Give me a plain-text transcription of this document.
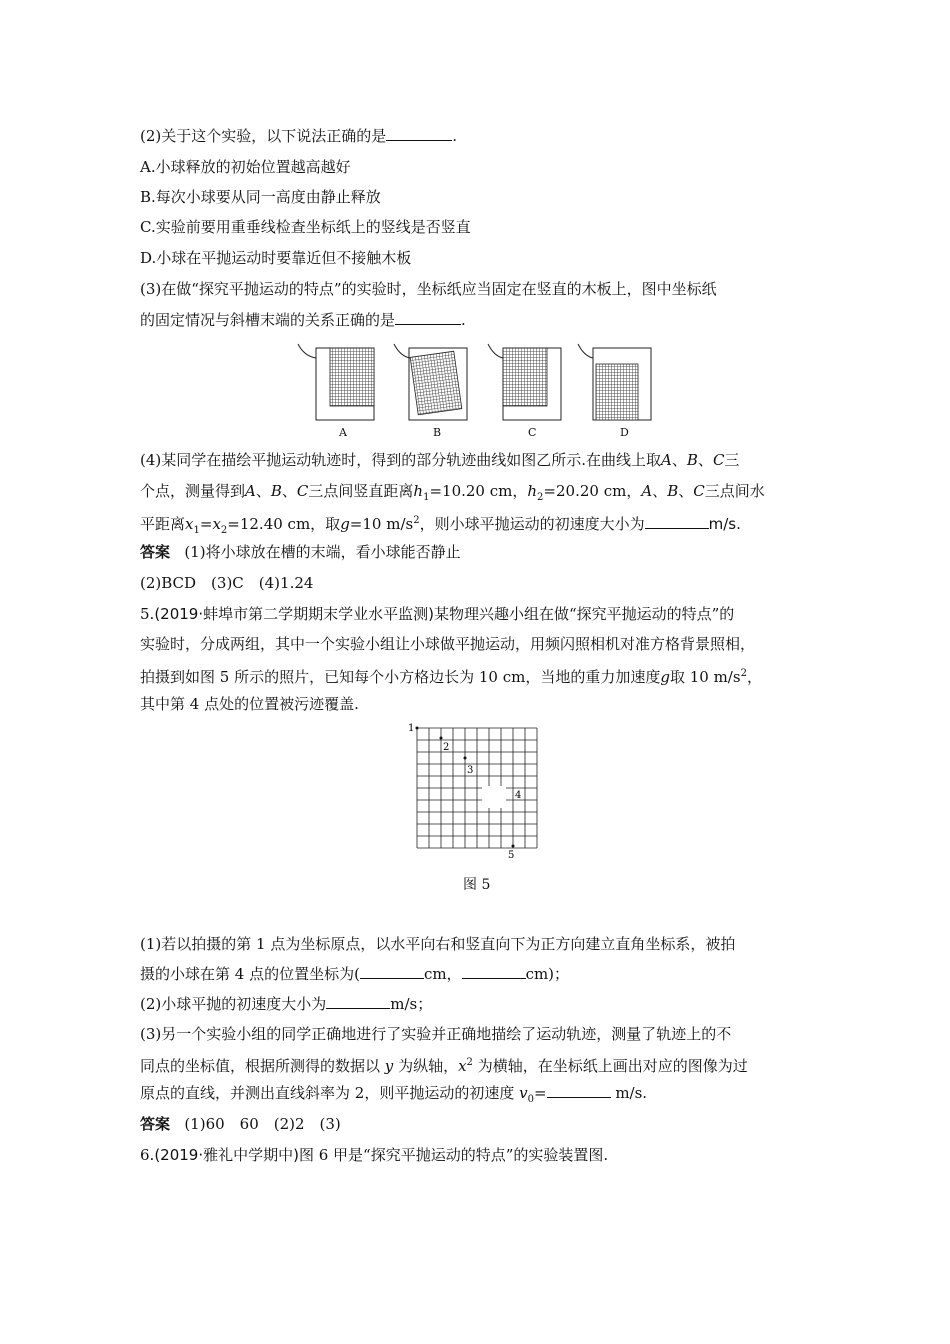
(2)关于这个实验，以下说法正确的是	.
A.小球释放的初始位置越高越好
B.每次小球要从同一高度由静止释放
C.实验前要用重垂线检查坐标纸上的竖线是否竖直
D.小球在平抛运动时要靠近但不接触木板
(3)在做“探究平抛运动的特点”的实验时，坐标纸应当固定在竖直的木板上，图中坐标纸
的固定情况与斜槽末端的关系正确的是	.
A	B	C	D
(4)某同学在描绘平抛运动轨迹时，得到的部分轨迹曲线如图乙所示.在曲线上取A、B、C三
个点，测量得到A、B、C三点间竖直距离$h_1=10.20$ cm，$h_2=20.20$ cm，A、B、C三点间水
平距离$x_1=x_2=12.40$ cm，取g=10 $m/s^2$，则小球平抛运动的初速度大小为	m/s.
答案 (1)将小球放在槽的末端，看小球能否静止
(2)BCD　(3)C　(4)1.24
5.(2019·蚌埠市第二学期期末学业水平监测)某物理兴趣小组在做“探究平抛运动的特点”的
实验时，分成两组，其中一个实验小组让小球做平抛运动，用频闪照相机对准方格背景照相，
拍摄到如图 5 所示的照片，已知每个小方格边长为 10 cm，当地的重力加速度g取 10 $m/s^2$，
其中第 4 点处的位置被污迹覆盖.
1
2
3
4
5
图 5
(1)若以拍摄的第 1 点为坐标原点，以水平向右和竖直向下为正方向建立直角坐标系，被拍
摄的小球在第 4 点的位置坐标为(	cm，	cm)；
(2)小球平抛的初速度大小为	m/s；
(3)另一个实验小组的同学正确地进行了实验并正确地描绘了运动轨迹，测量了轨迹上的不
同点的坐标值，根据所测得的数据以 y 为纵轴，$x^2$ 为横轴，在坐标纸上画出对应的图像为过
原点的直线，并测出直线斜率为 2，则平抛运动的初速度 $v_0=$	m/s.
答案 (1)60　60　(2)2　(3)
6.(2019·雅礼中学期中)图 6 甲是“探究平抛运动的特点”的实验装置图.
